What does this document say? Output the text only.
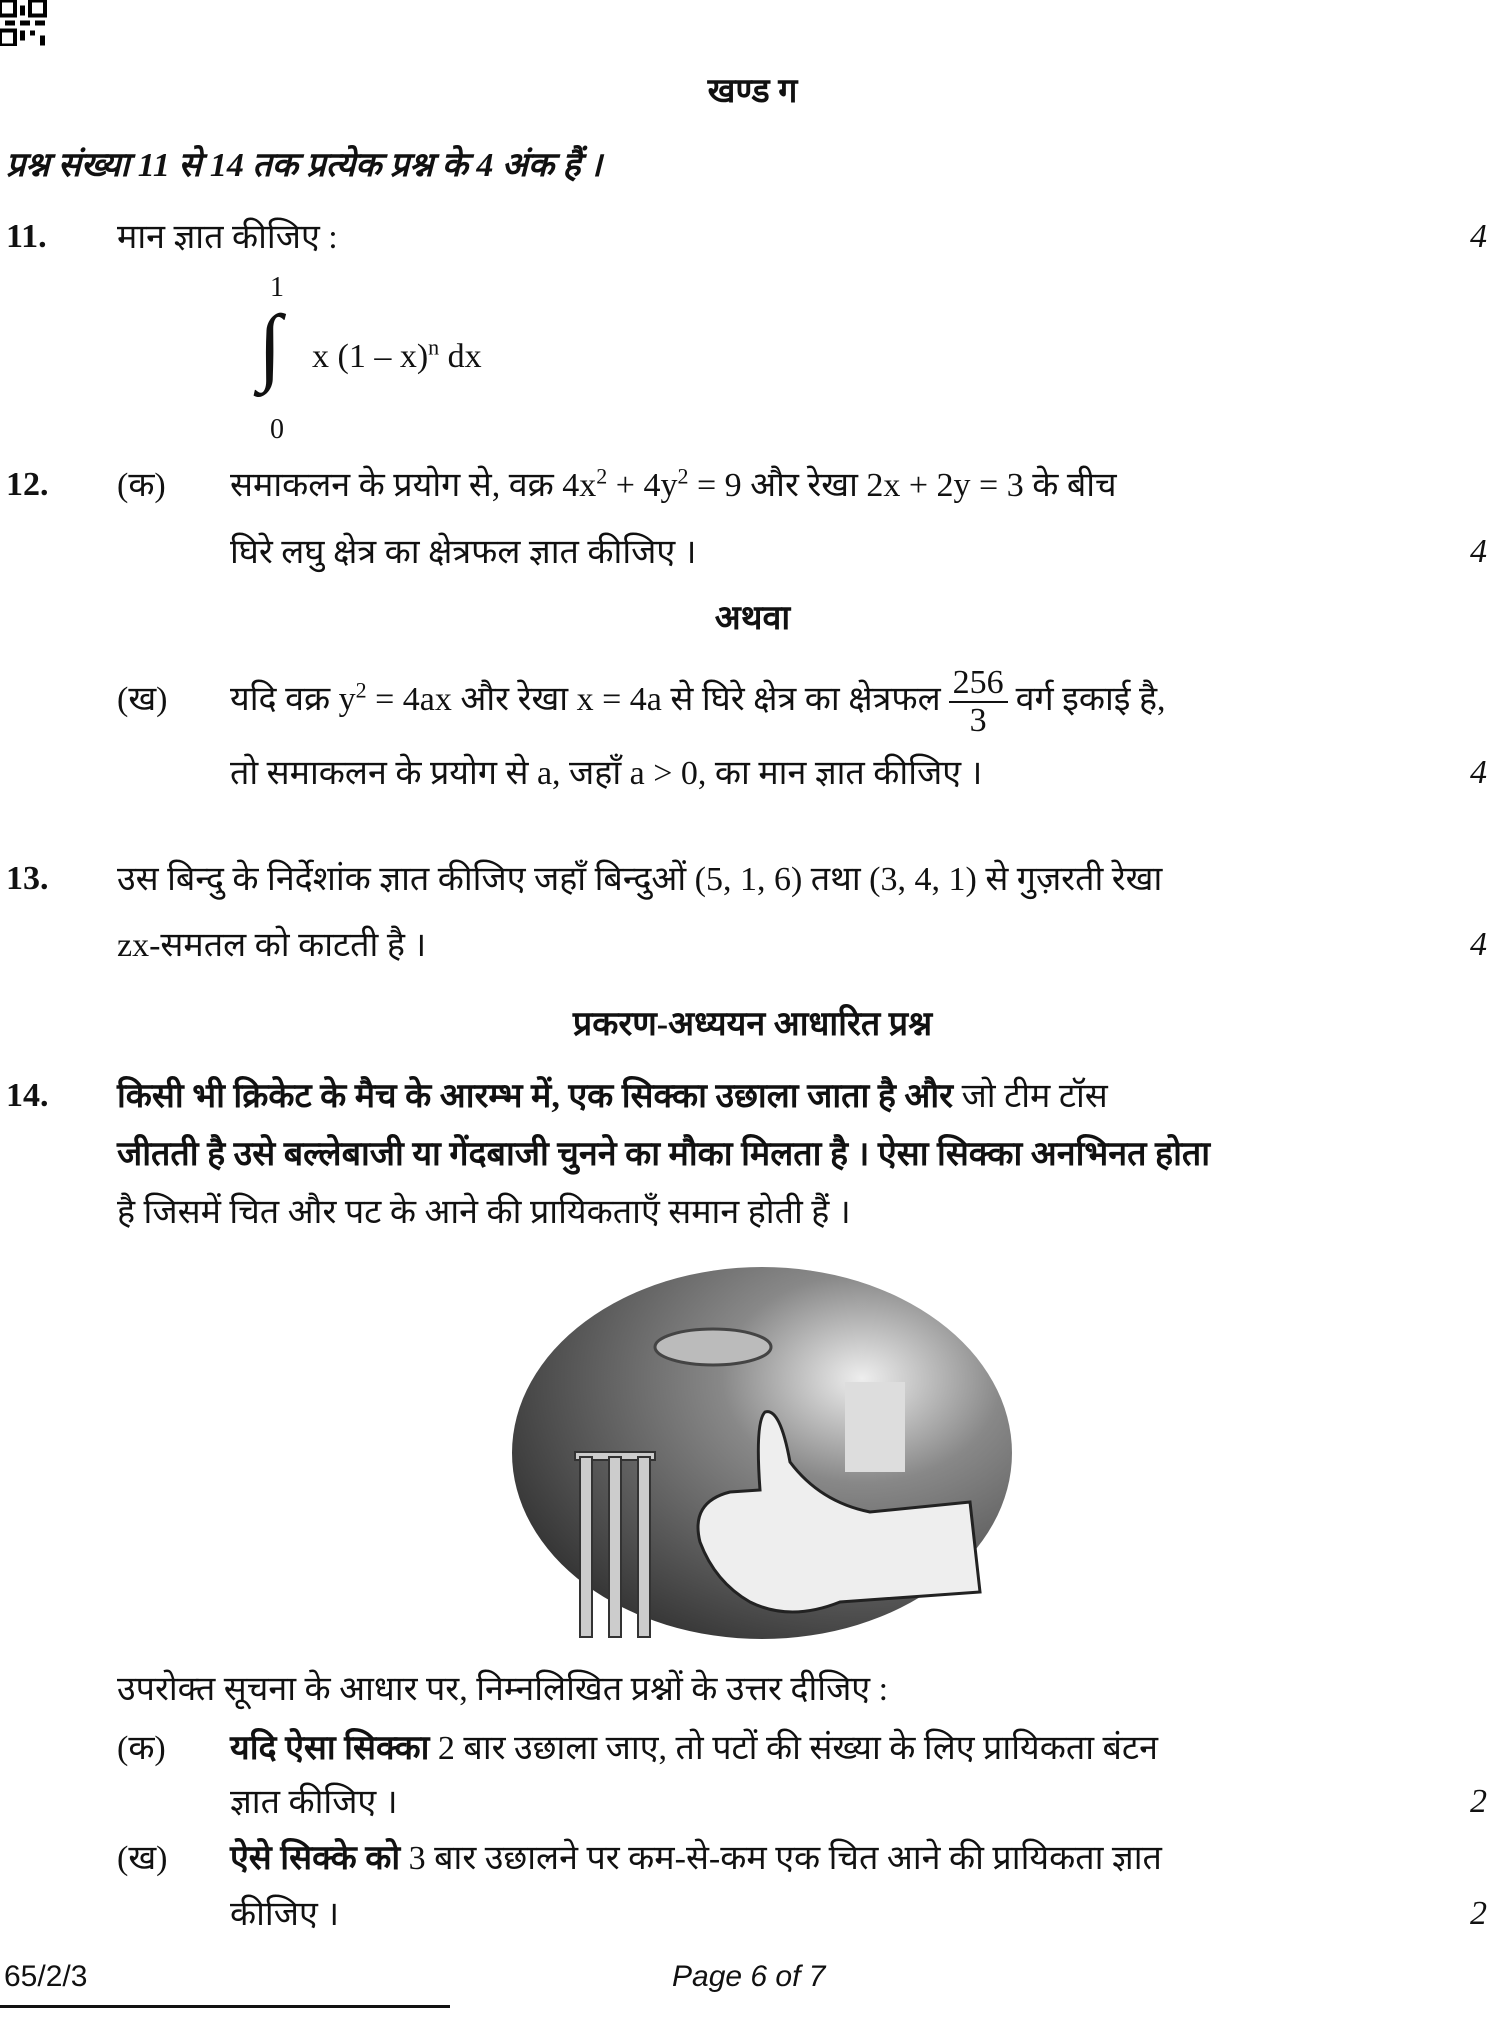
खण्ड ग
प्रश्न संख्या 11 से 14 तक प्रत्येक प्रश्न के 4 अंक हैं ।
11. मान ज्ञात कीजिए :	4
1
∫
0
x (1 – x)$^n$ dx
12. (क) समाकलन के प्रयोग से, वक्र $4x^2 + 4y^2 = 9$ और रेखा 2x + 2y = 3 के बीच
घिरे लघु क्षेत्र का क्षेत्रफल ज्ञात कीजिए ।	4
अथवा
(ख) यदि वक्र $y^2 = 4ax$ और रेखा x = 4a से घिरे क्षेत्र का क्षेत्रफल $\frac{256}{3}$ वर्ग इकाई है,
तो समाकलन के प्रयोग से a, जहाँ a > 0, का मान ज्ञात कीजिए ।	4
13. उस बिन्दु के निर्देशांक ज्ञात कीजिए जहाँ बिन्दुओं (5, 1, 6) तथा (3, 4, 1) से गुज़रती रेखा
zx-समतल को काटती है ।	4
प्रकरण-अध्ययन आधारित प्रश्न
14. किसी भी क्रिकेट के मैच के आरम्भ में, एक सिक्का उछाला जाता है और जो टीम टॉस
जीतती है उसे बल्लेबाजी या गेंदबाजी चुनने का मौका मिलता है । ऐसा सिक्का अनभिनत होता
है जिसमें चित और पट के आने की प्रायिकताएँ समान होती हैं ।
उपरोक्त सूचना के आधार पर, निम्नलिखित प्रश्नों के उत्तर दीजिए :
(क) यदि ऐसा सिक्का 2 बार उछाला जाए, तो पटों की संख्या के लिए प्रायिकता बंटन
ज्ञात कीजिए ।	2
(ख) ऐसे सिक्के को 3 बार उछालने पर कम-से-कम एक चित आने की प्रायिकता ज्ञात
कीजिए ।	2
65/2/3	Page 6 of 7
